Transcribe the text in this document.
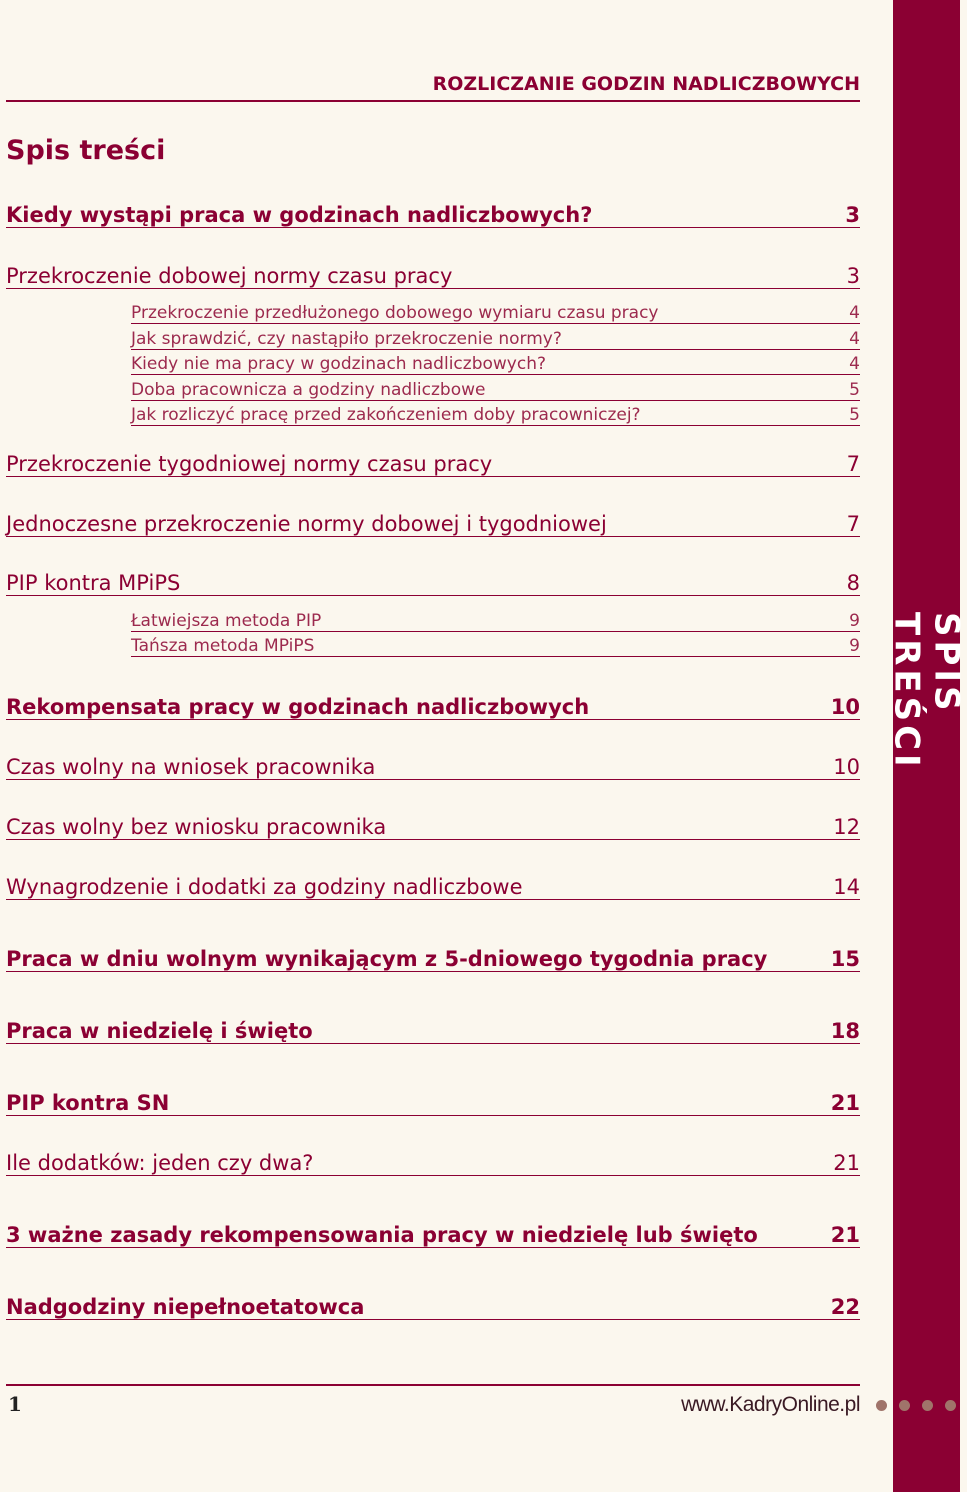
SPIS TREŚCI
ROZLICZANIE GODZIN NADLICZBOWYCH
Spis treści
Kiedy wystąpi praca w godzinach nadliczbowych?	3
Przekroczenie dobowej normy czasu pracy	3
Przekroczenie przedłużonego dobowego wymiaru czasu pracy	4
Jak sprawdzić, czy nastąpiło przekroczenie normy?	4
Kiedy nie ma pracy w godzinach nadliczbowych?	4
Doba pracownicza a godziny nadliczbowe	5
Jak rozliczyć pracę przed zakończeniem doby pracowniczej?	5
Przekroczenie tygodniowej normy czasu pracy	7
Jednoczesne przekroczenie normy dobowej i tygodniowej	7
PIP kontra MPiPS	8
Łatwiejsza metoda PIP	9
Tańsza metoda MPiPS	9
Rekompensata pracy w godzinach nadliczbowych	10
Czas wolny na wniosek pracownika	10
Czas wolny bez wniosku pracownika	12
Wynagrodzenie i dodatki za godziny nadliczbowe	14
Praca w dniu wolnym wynikającym z 5-dniowego tygodnia pracy	15
Praca w niedzielę i święto	18
PIP kontra SN	21
Ile dodatków: jeden czy dwa?	21
3 ważne zasady rekompensowania pracy w niedzielę lub święto	21
Nadgodziny niepełnoetatowca	22
1	www.KadryOnline.pl
